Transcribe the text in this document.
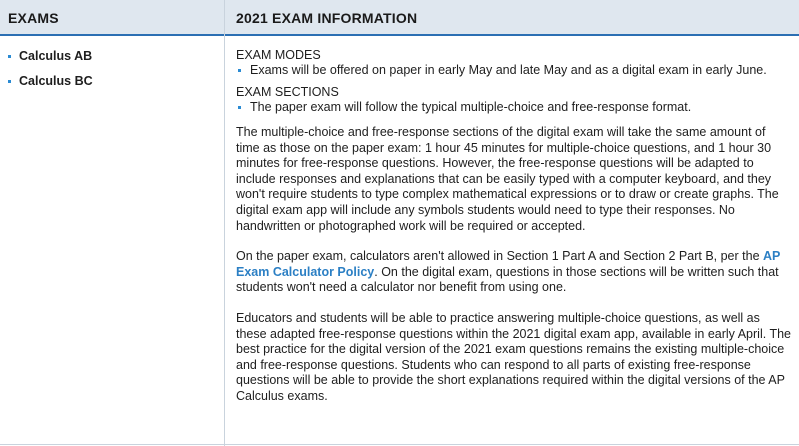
EXAMS	2021 EXAM INFORMATION
Calculus AB
Calculus BC
EXAM MODES
Exams will be offered on paper in early May and late May and as a digital exam in early June.
EXAM SECTIONS
The paper exam will follow the typical multiple-choice and free-response format.

The multiple-choice and free-response sections of the digital exam will take the same amount of time as those on the paper exam: 1 hour 45 minutes for multiple-choice questions, and 1 hour 30 minutes for free-response questions. However, the free-response questions will be adapted to include responses and explanations that can be easily typed with a computer keyboard, and they won't require students to type complex mathematical expressions or to draw or create graphs. The digital exam app will include any symbols students would need to type their responses. No handwritten or photographed work will be required or accepted.

On the paper exam, calculators aren't allowed in Section 1 Part A and Section 2 Part B, per the AP Exam Calculator Policy. On the digital exam, questions in those sections will be written such that students won't need a calculator nor benefit from using one.

Educators and students will be able to practice answering multiple-choice questions, as well as these adapted free-response questions within the 2021 digital exam app, available in early April. The best practice for the digital version of the 2021 exam questions remains the existing multiple-choice and free-response questions. Students who can respond to all parts of existing free-response questions will be able to provide the short explanations required within the digital versions of the AP Calculus exams.
